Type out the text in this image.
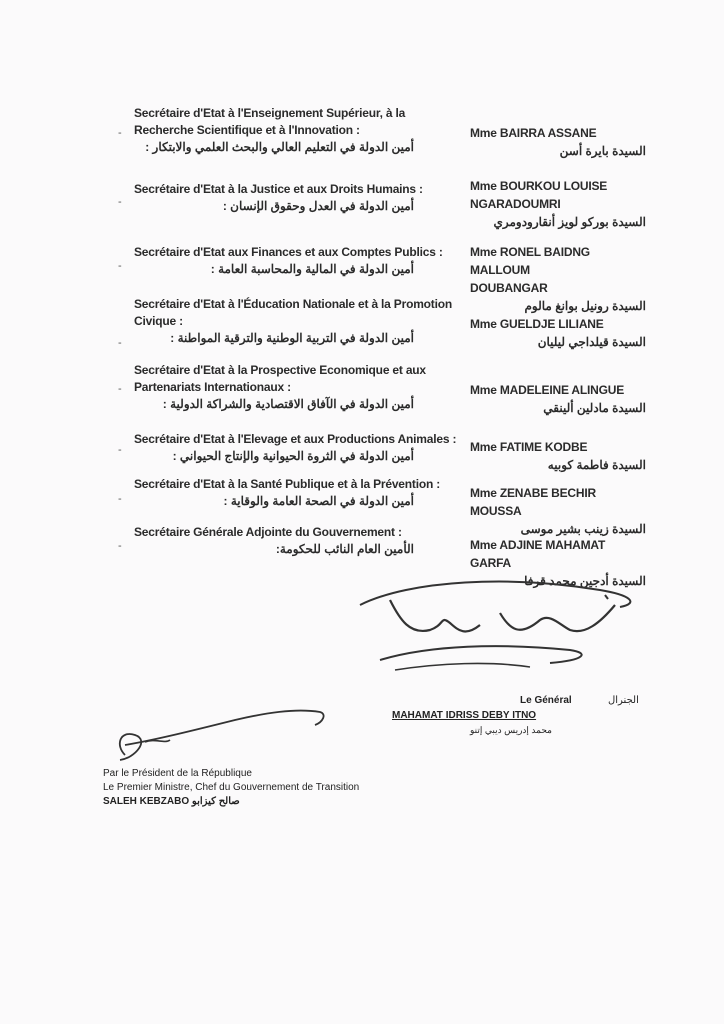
Secrétaire d'Etat à l'Enseignement Supérieur, à la
Recherche Scientifique et à l'Innovation :
أمين الدولة في التعليم العالي والبحث العلمي والابتكار :
-	Mme BAIRRA ASSANE
السيدة بايرة أسن
Secrétaire d'Etat à la Justice et aux Droits Humains :
أمين الدولة في العدل وحقوق الإنسان :
-
Mme BOURKOU LOUISE
NGARADOUMRI
السيدة بوركو لويز أنقارودومري
Secrétaire d'Etat aux Finances et aux Comptes Publics :
أمين الدولة في المالية والمحاسبة العامة :
-
Mme RONEL BAIDNG MALLOUM
DOUBANGAR
السيدة رونيل بوانغ مالوم
Secrétaire d'Etat à l'Éducation Nationale et à la Promotion
Civique :
أمين الدولة في التربية الوطنية والترقية المواطنة :
-
Mme GUELDJE LILIANE
السيدة قيلداجي ليليان
Secrétaire d'Etat à la Prospective Economique et aux
Partenariats Internationaux :
أمين الدولة في الآفاق الاقتصادية والشراكة الدولية :
-	Mme MADELEINE ALINGUE
السيدة مادلين ألينقي
Secrétaire d'Etat à l'Elevage et aux Productions Animales :
أمين الدولة في الثروة الحيوانية والإنتاج الحيواني :
-	Mme FATIME KODBE
السيدة فاطمة كوبيه
Secrétaire d'Etat à la Santé Publique et à la Prévention :
أمين الدولة في الصحة العامة والوقاية :
-	Mme ZENABE BECHIR MOUSSA
السيدة زينب بشير موسى
Secrétaire Générale Adjointe du Gouvernement :
الأمين العام النائب للحكومة:
-	Mme ADJINE MAHAMAT GARFA
السيدة أدجين محمد قرفا
Le Général	الجنرال
MAHAMAT IDRISS DEBY ITNO
محمد إدريس ديبي إتنو
Par le Président de la République
Le Premier Ministre, Chef du Gouvernement de Transition
SALEH KEBZABO صالح كيزابو
